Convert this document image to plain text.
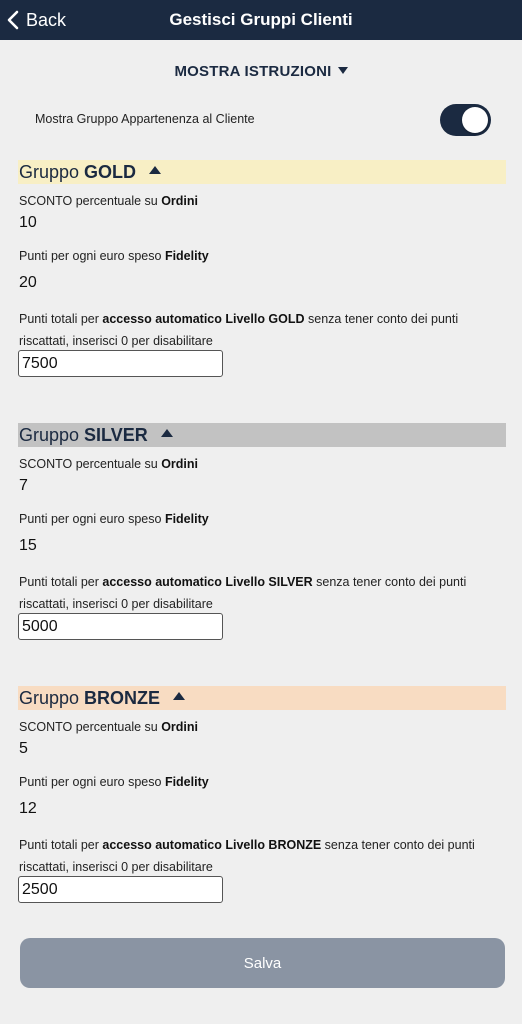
Back	Gestisci Gruppi Clienti
MOSTRA ISTRUZIONI
Mostra Gruppo Appartenenza al Cliente
Gruppo GOLD
SCONTO percentuale su Ordini
10
Punti per ogni euro speso Fidelity
20
Punti totali per accesso automatico Livello GOLD senza tener conto dei punti riscattati, inserisci 0 per disabilitare
7500
Gruppo SILVER
SCONTO percentuale su Ordini
7
Punti per ogni euro speso Fidelity
15
Punti totali per accesso automatico Livello SILVER senza tener conto dei punti riscattati, inserisci 0 per disabilitare
5000
Gruppo BRONZE
SCONTO percentuale su Ordini
5
Punti per ogni euro speso Fidelity
12
Punti totali per accesso automatico Livello BRONZE senza tener conto dei punti riscattati, inserisci 0 per disabilitare
2500
Salva
